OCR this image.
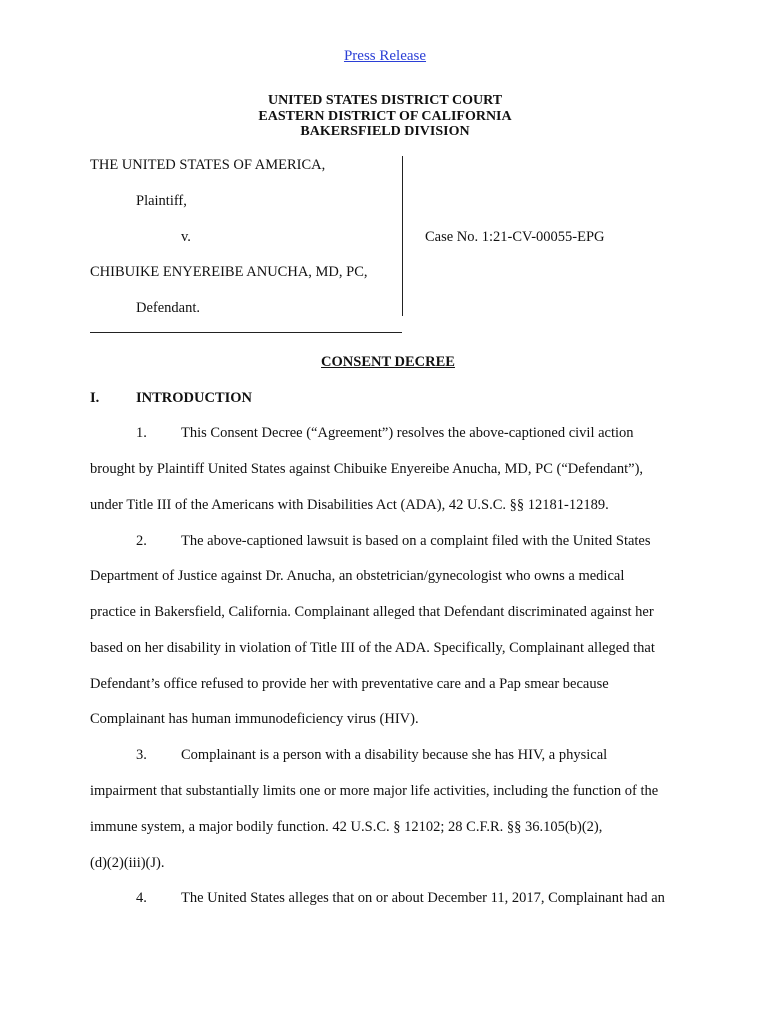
Press Release
UNITED STATES DISTRICT COURT
EASTERN DISTRICT OF CALIFORNIA
BAKERSFIELD DIVISION
THE UNITED STATES OF AMERICA,
Plaintiff,
v.
CHIBUIKE ENYEREIBE ANUCHA, MD, PC,
Defendant.
Case No. 1:21-CV-00055-EPG
CONSENT DECREE
I.	INTRODUCTION
1. This Consent Decree (“Agreement”) resolves the above-captioned civil action
brought by Plaintiff United States against Chibuike Enyereibe Anucha, MD, PC (“Defendant”),
under Title III of the Americans with Disabilities Act (ADA), 42 U.S.C. §§ 12181-12189.
2. The above-captioned lawsuit is based on a complaint filed with the United States
Department of Justice against Dr. Anucha, an obstetrician/gynecologist who owns a medical
practice in Bakersfield, California. Complainant alleged that Defendant discriminated against her
based on her disability in violation of Title III of the ADA. Specifically, Complainant alleged that
Defendant’s office refused to provide her with preventative care and a Pap smear because
Complainant has human immunodeficiency virus (HIV).
3. Complainant is a person with a disability because she has HIV, a physical
impairment that substantially limits one or more major life activities, including the function of the
immune system, a major bodily function. 42 U.S.C. § 12102; 28 C.F.R. §§ 36.105(b)(2),
(d)(2)(iii)(J).
4. The United States alleges that on or about December 11, 2017, Complainant had an
